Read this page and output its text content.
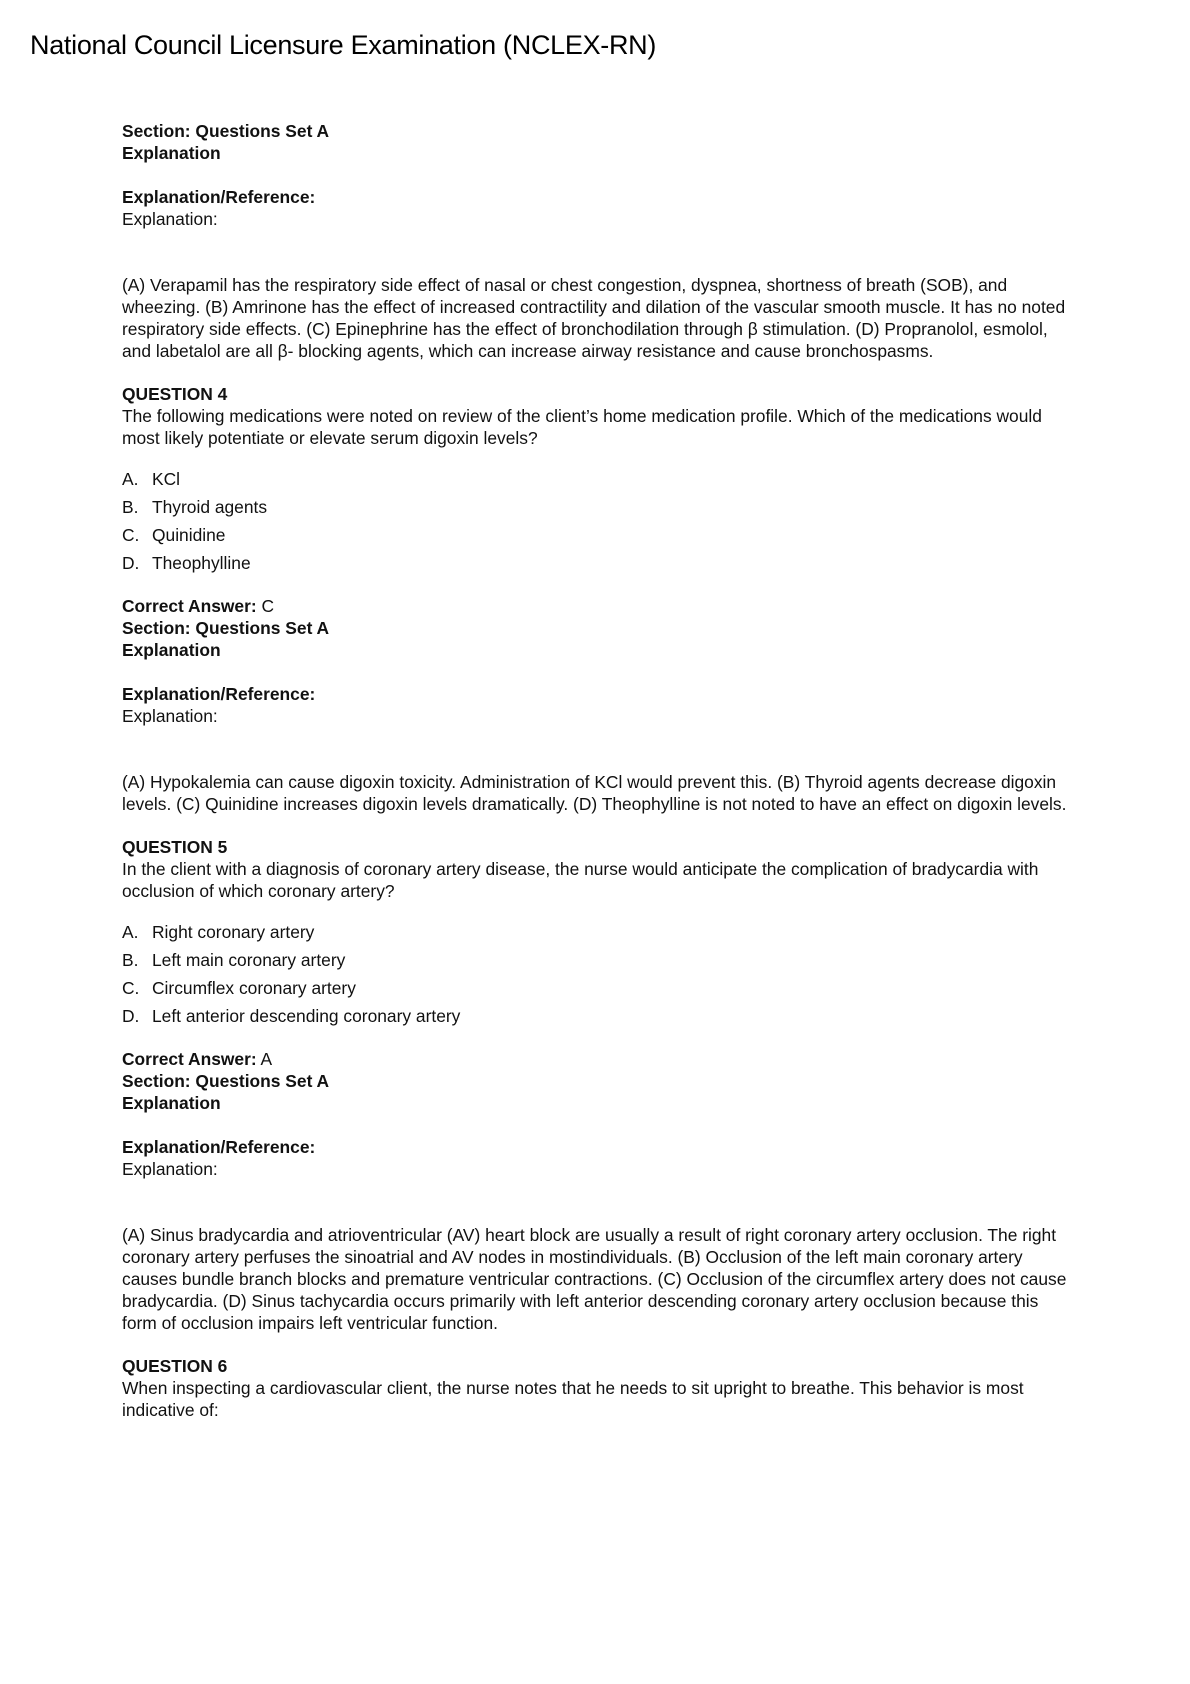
National Council Licensure Examination (NCLEX-RN)
Section: Questions Set A
Explanation
Explanation/Reference:
Explanation:
(A) Verapamil has the respiratory side effect of nasal or chest congestion, dyspnea, shortness of breath (SOB), and wheezing. (B) Amrinone has the effect of increased contractility and dilation of the vascular smooth muscle. It has no noted respiratory side effects. (C) Epinephrine has the effect of bronchodilation through β stimulation. (D) Propranolol, esmolol, and labetalol are all β- blocking agents, which can increase airway resistance and cause bronchospasms.
QUESTION 4
The following medications were noted on review of the client’s home medication profile. Which of the medications would most likely potentiate or elevate serum digoxin levels?
A. KCl
B. Thyroid agents
C. Quinidine
D. Theophylline
Correct Answer: C
Section: Questions Set A
Explanation
Explanation/Reference:
Explanation:
(A) Hypokalemia can cause digoxin toxicity. Administration of KCl would prevent this. (B) Thyroid agents decrease digoxin levels. (C) Quinidine increases digoxin levels dramatically. (D) Theophylline is not noted to have an effect on digoxin levels.
QUESTION 5
In the client with a diagnosis of coronary artery disease, the nurse would anticipate the complication of bradycardia with occlusion of which coronary artery?
A. Right coronary artery
B. Left main coronary artery
C. Circumflex coronary artery
D. Left anterior descending coronary artery
Correct Answer: A
Section: Questions Set A
Explanation
Explanation/Reference:
Explanation:
(A) Sinus bradycardia and atrioventricular (AV) heart block are usually a result of right coronary artery occlusion. The right coronary artery perfuses the sinoatrial and AV nodes in mostindividuals. (B) Occlusion of the left main coronary artery causes bundle branch blocks and premature ventricular contractions. (C) Occlusion of the circumflex artery does not cause bradycardia. (D) Sinus tachycardia occurs primarily with left anterior descending coronary artery occlusion because this form of occlusion impairs left ventricular function.
QUESTION 6
When inspecting a cardiovascular client, the nurse notes that he needs to sit upright to breathe. This behavior is most indicative of:
